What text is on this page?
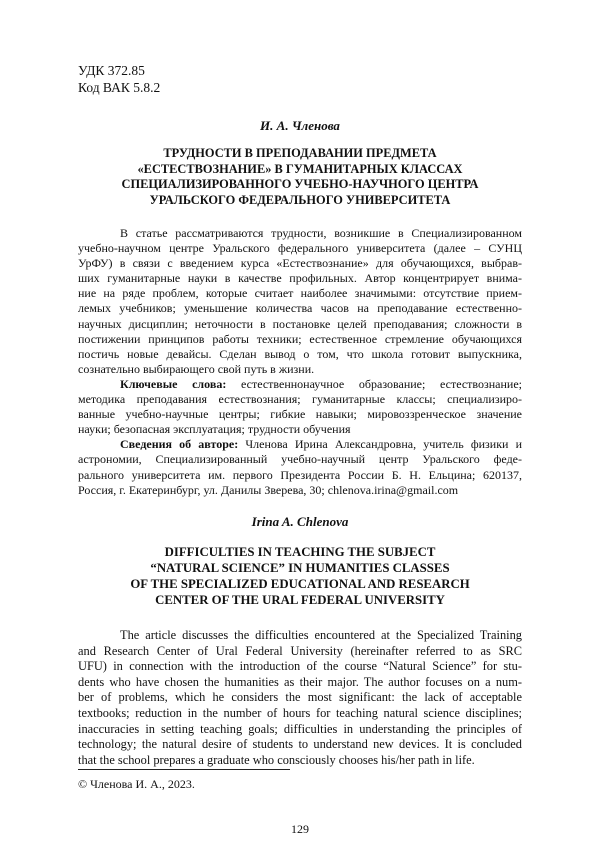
УДК 372.85
Код ВАК 5.8.2
И. А. Членова
ТРУДНОСТИ В ПРЕПОДАВАНИИ ПРЕДМЕТА
«ЕСТЕСТВОЗНАНИЕ» В ГУМАНИТАРНЫХ КЛАССАХ
СПЕЦИАЛИЗИРОВАННОГО УЧЕБНО-НАУЧНОГО ЦЕНТРА
УРАЛЬСКОГО ФЕДЕРАЛЬНОГО УНИВЕРСИТЕТА
В статье рассматриваются трудности, возникшие в Специализированном
учебно-научном центре Уральского федерального университета (далее – СУНЦ
УрФУ) в связи с введением курса «Естествознание» для обучающихся, выбрав-
ших гуманитарные науки в качестве профильных. Автор концентрирует внима-
ние на ряде проблем, которые считает наиболее значимыми: отсутствие прием-
лемых учебников; уменьшение количества часов на преподавание естественно-
научных дисциплин; неточности в постановке целей преподавания; сложности в
постижении принципов работы техники; естественное стремление обучающихся
постичь новые девайсы. Сделан вывод о том, что школа готовит выпускника,
сознательно выбирающего свой путь в жизни.
Ключевые слова: естественнонаучное образование; естествознание;
методика преподавания естествознания; гуманитарные классы; специализиро-
ванные учебно-научные центры; гибкие навыки; мировоззренческое значение
науки; безопасная эксплуатация; трудности обучения
Сведения об авторе: Членова Ирина Александровна, учитель физики и
астрономии, Специализированный учебно-научный центр Уральского феде-
рального университета им. первого Президента России Б. Н. Ельцина; 620137,
Россия, г. Екатеринбург, ул. Данилы Зверева, 30; chlenova.irina@gmail.com
Irina A. Chlenova
DIFFICULTIES IN TEACHING THE SUBJECT
“NATURAL SCIENCE” IN HUMANITIES CLASSES
OF THE SPECIALIZED EDUCATIONAL AND RESEARCH
CENTER OF THE URAL FEDERAL UNIVERSITY
The article discusses the difficulties encountered at the Specialized Training
and Research Center of Ural Federal University (hereinafter referred to as SRC
UFU) in connection with the introduction of the course “Natural Science” for stu-
dents who have chosen the humanities as their major. The author focuses on a num-
ber of problems, which he considers the most significant: the lack of acceptable
textbooks; reduction in the number of hours for teaching natural science disciplines;
inaccuracies in setting teaching goals; difficulties in understanding the principles of
technology; the natural desire of students to understand new devices. It is concluded
that the school prepares a graduate who consciously chooses his/her path in life.
© Членова И. А., 2023.
129
